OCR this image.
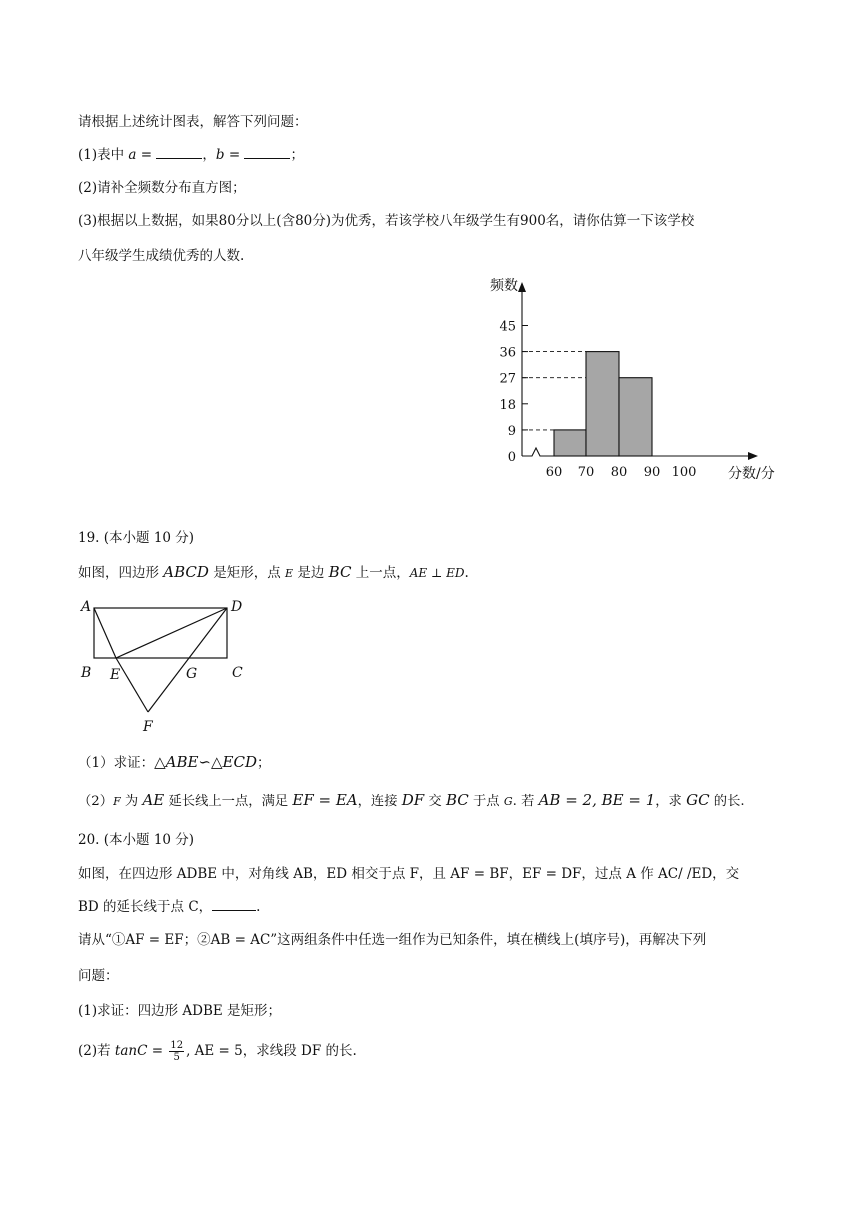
请根据上述统计图表，解答下列问题：
(1)表中 a =	，b =	；
(2)请补全频数分布直方图；
(3)根据以上数据，如果80分以上(含80分)为优秀，若该学校八年级学生有900名，请你估算一下该学校
八年级学生成绩优秀的人数.
0
9
18
27
36
45
60 70 80 90 100
频数
分数/分
19. (本小题 10 分)
如图，四边形 ABCD 是矩形，点 E 是边 BC 上一点，AE ⊥ ED.
A	D
B E	G C
F
（1）求证：△ABE∽△ECD；
（2）F 为 AE 延长线上一点，满足 EF = EA，连接 DF 交 BC 于点 G. 若 AB = 2, BE = 1，求 GC 的长.
20. (本小题 10 分)
如图，在四边形 ADBE 中，对角线 AB，ED 相交于点 F，且 AF = BF，EF = DF，过点 A 作 AC/ /ED，交
BD 的延长线于点 C，	.
请从“①AF = EF；②AB = AC”这两组条件中任选一组作为已知条件，填在横线上(填序号)，再解决下列
问题：
(1)求证：四边形 ADBE 是矩形；
(2)若 $\tan C = \frac{12}{5}$ , AE = 5，求线段 DF 的长.
